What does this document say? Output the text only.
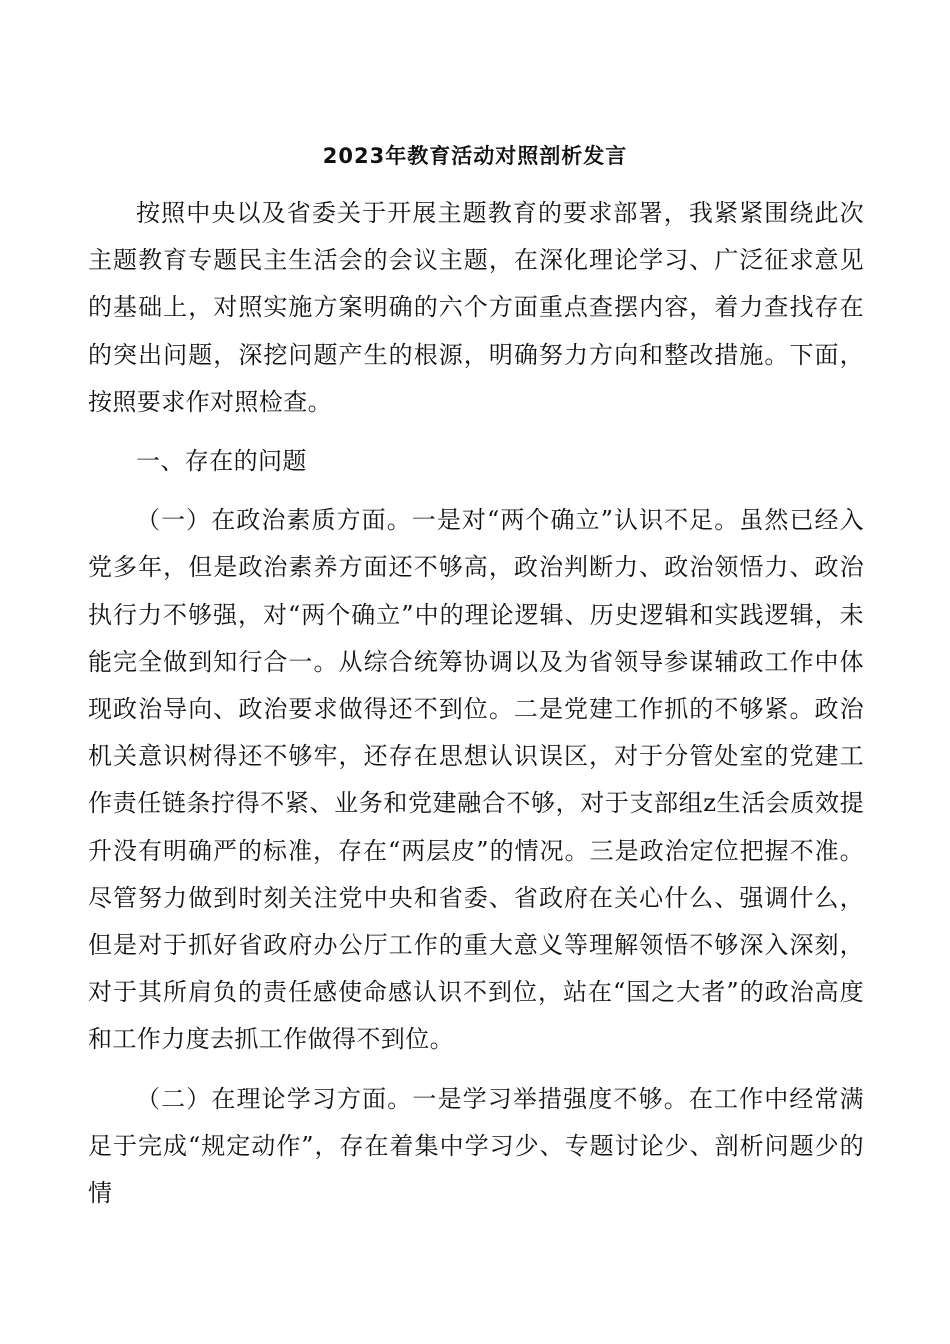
2023年教育活动对照剖析发言

按照中央以及省委关于开展主题教育的要求部署，我紧紧围绕此次主题教育专题民主生活会的会议主题，在深化理论学习、广泛征求意见的基础上，对照实施方案明确的六个方面重点查摆内容，着力查找存在的突出问题，深挖问题产生的根源，明确努力方向和整改措施。下面，按照要求作对照检查。

一、存在的问题

（一）在政治素质方面。一是对“两个确立”认识不足。虽然已经入党多年，但是政治素养方面还不够高，政治判断力、政治领悟力、政治执行力不够强，对“两个确立”中的理论逻辑、历史逻辑和实践逻辑，未能完全做到知行合一。从综合统筹协调以及为省领导参谋辅政工作中体现政治导向、政治要求做得还不到位。二是党建工作抓的不够紧。政治机关意识树得还不够牢，还存在思想认识误区，对于分管处室的党建工作责任链条拧得不紧、业务和党建融合不够，对于支部组z生活会质效提升没有明确严的标准，存在“两层皮”的情况。三是政治定位把握不准。尽管努力做到时刻关注党中央和省委、省政府在关心什么、强调什么，但是对于抓好省政府办公厅工作的重大意义等理解领悟不够深入深刻，对于其所肩负的责任感使命感认识不到位，站在“国之大者”的政治高度和工作力度去抓工作做得不到位。

（二）在理论学习方面。一是学习举措强度不够。在工作中经常满足于完成“规定动作”，存在着集中学习少、专题讨论少、剖析问题少的情
